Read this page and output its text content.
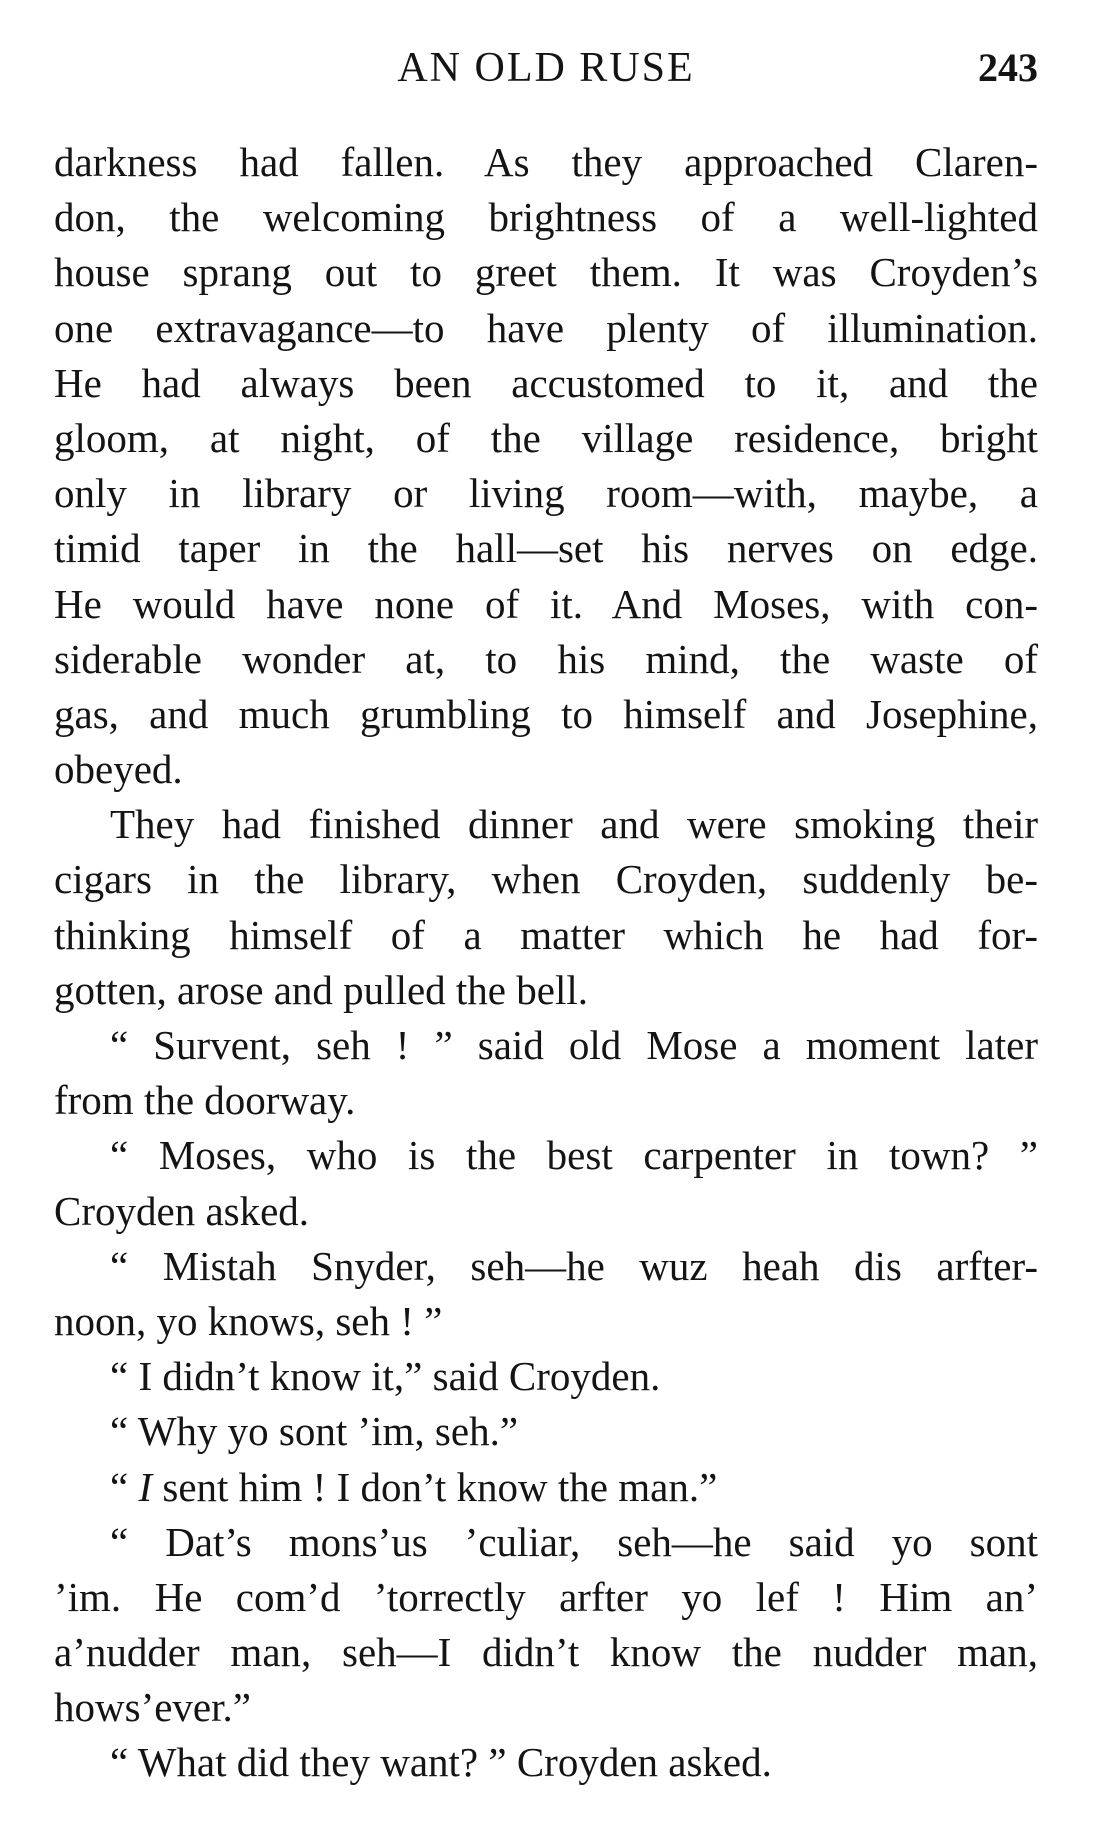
AN OLD RUSE	243
darkness had fallen. As they approached Claren-
don, the welcoming brightness of a well-lighted
house sprang out to greet them. It was Croyden’s
one extravagance—to have plenty of illumination.
He had always been accustomed to it, and the
gloom, at night, of the village residence, bright
only in library or living room—with, maybe, a
timid taper in the hall—set his nerves on edge.
He would have none of it. And Moses, with con-
siderable wonder at, to his mind, the waste of
gas, and much grumbling to himself and Josephine,
obeyed.
They had finished dinner and were smoking their
cigars in the library, when Croyden, suddenly be-
thinking himself of a matter which he had for-
gotten, arose and pulled the bell.
“ Survent, seh ! ” said old Mose a moment later
from the doorway.
“ Moses, who is the best carpenter in town? ”
Croyden asked.
“ Mistah Snyder, seh—he wuz heah dis arfter-
noon, yo knows, seh ! ”
“ I didn’t know it,” said Croyden.
“ Why yo sont ’im, seh.”
“ I sent him ! I don’t know the man.”
“ Dat’s mons’us ’culiar, seh—he said yo sont
’im. He com’d ’torrectly arfter yo lef ! Him an’
a’nudder man, seh—I didn’t know the nudder man,
hows’ever.”
“ What did they want? ” Croyden asked.
